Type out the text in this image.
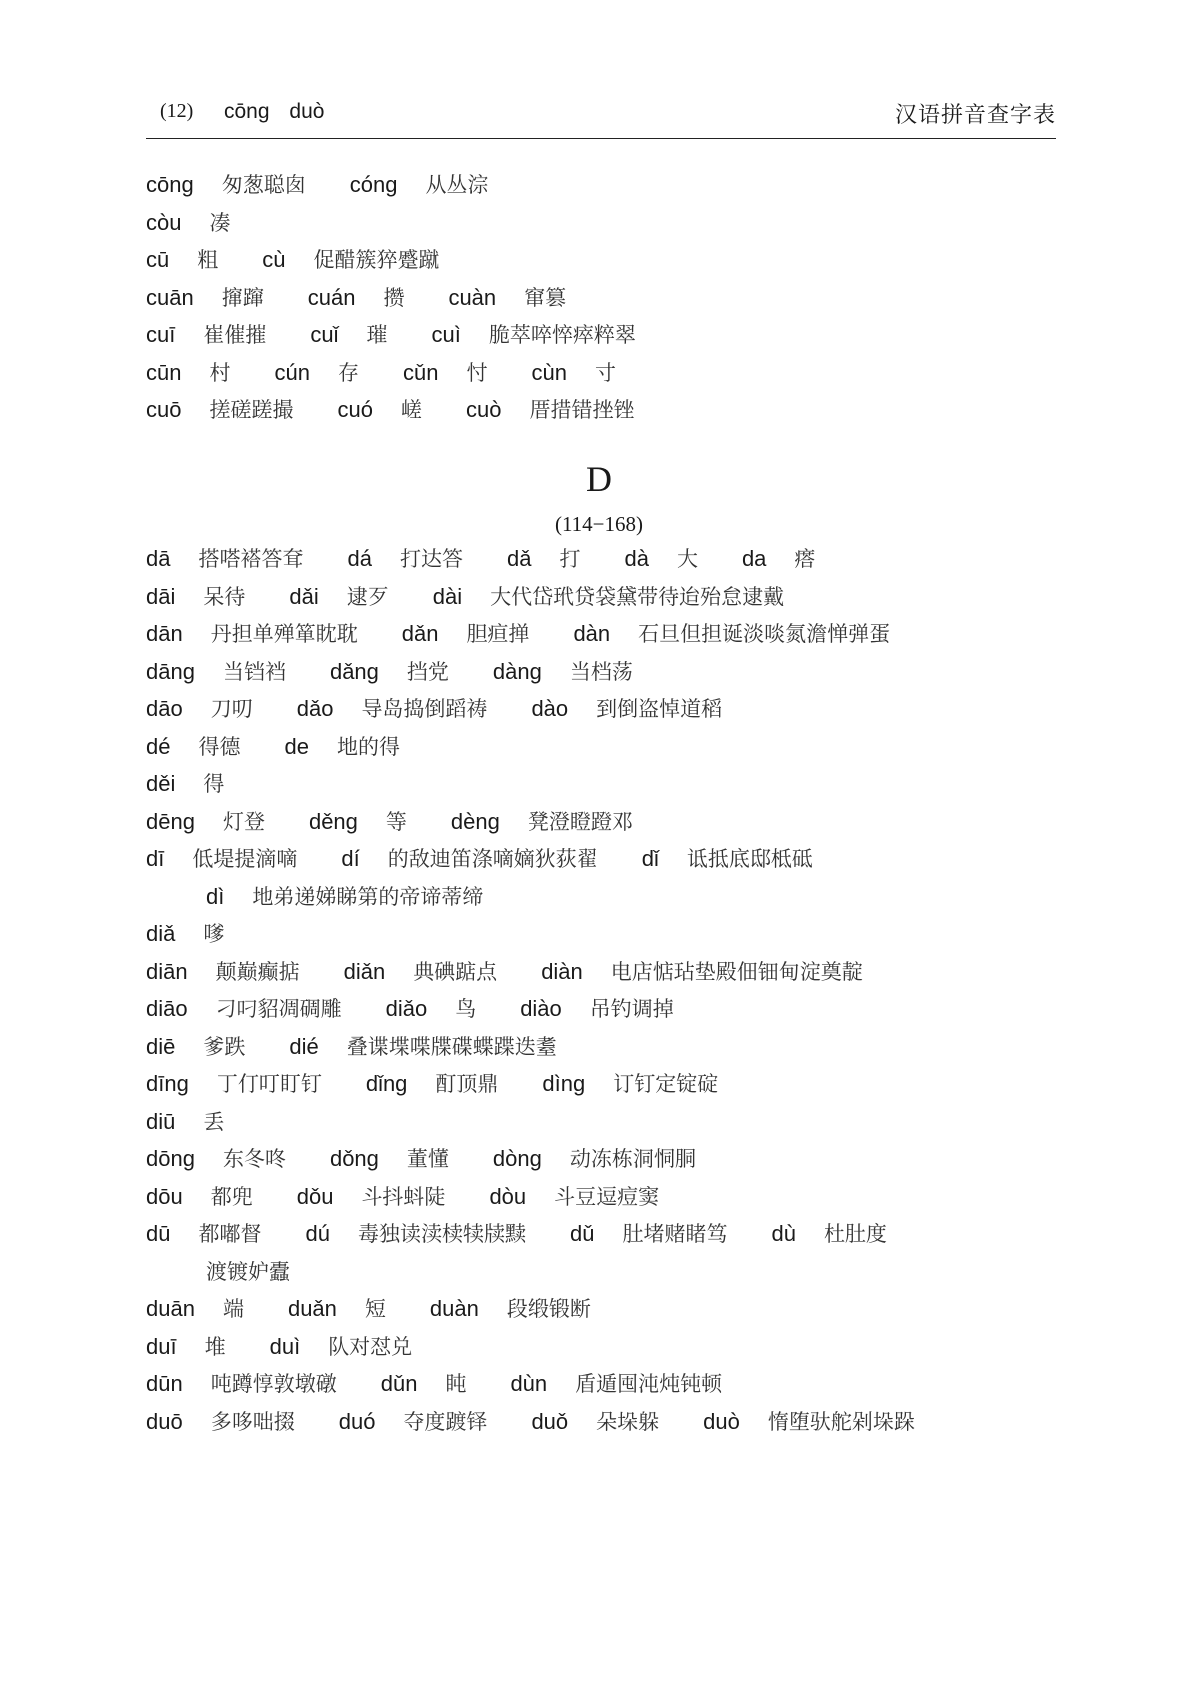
(12) cōng duò	汉语拼音查字表
cōng 匆葱聪囱 cóng 从丛淙
còu 凑
cū 粗 cù 促醋簇猝蹙蹴
cuān 撺蹿 cuán 攒 cuàn 窜篡
cuī 崔催摧 cuǐ 璀 cuì 脆萃啐悴瘁粹翠
cūn 村 cún 存 cǔn 忖 cùn 寸
cuō 搓磋蹉撮 cuó 嵯 cuò 厝措错挫锉
D
(114−168)
dā 搭嗒褡答耷 dá 打达答 dǎ 打 dà 大 da 瘩
dāi 呆待 dǎi 逮歹 dài 大代岱玳贷袋黛带待迨殆怠逮戴
dān 丹担单殚箪眈耽 dǎn 胆疸掸 dàn 石旦但担诞淡啖氮澹惮弹蛋
dāng 当铛裆 dǎng 挡党 dàng 当档荡
dāo 刀叨 dǎo 导岛捣倒蹈祷 dào 到倒盗悼道稻
dé 得德 de 地的得
děi 得
dēng 灯登 děng 等 dèng 凳澄瞪蹬邓
dī 低堤提滴嘀 dí 的敌迪笛涤嘀嫡狄荻翟 dǐ 诋抵底邸柢砥
dì 地弟递娣睇第的帝谛蒂缔
diǎ 嗲
diān 颠巅癫掂 diǎn 典碘踮点 diàn 电店惦玷垫殿佃钿甸淀奠靛
diāo 刁叼貂凋碉雕 diǎo 鸟 diào 吊钓调掉
diē 爹跌 dié 叠谍堞喋牒碟蝶蹀迭耋
dīng 丁仃叮盯钉 dǐng 酊顶鼎 dìng 订钉定锭碇
diū 丢
dōng 东冬咚 dǒng 董懂 dòng 动冻栋洞恫胴
dōu 都兜 dǒu 斗抖蚪陡 dòu 斗豆逗痘窦
dū 都嘟督 dú 毒独读渎椟犊牍黩 dǔ 肚堵赌睹笃 dù 杜肚度
渡镀妒蠹
duān 端 duǎn 短 duàn 段缎锻断
duī 堆 duì 队对怼兑
dūn 吨蹲惇敦墩礅 dǔn 盹 dùn 盾遁囤沌炖钝顿
duō 多哆咄掇 duó 夺度踱铎 duǒ 朵垛躲 duò 惰堕驮舵剁垛跺
